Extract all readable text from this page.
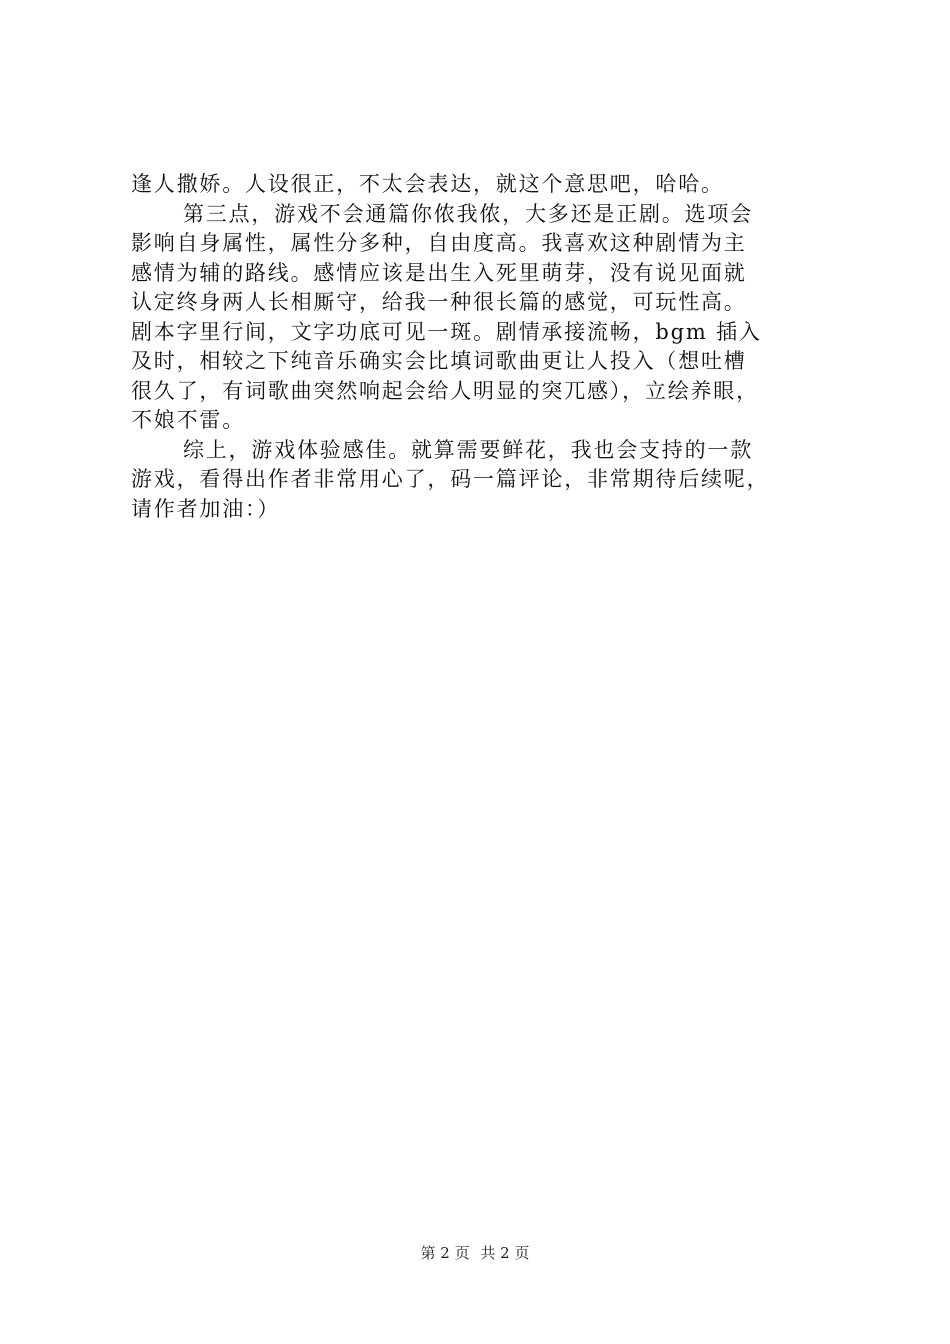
逢人撒娇。人设很正，不太会表达，就这个意思吧，哈哈。
第三点，游戏不会通篇你侬我侬，大多还是正剧。选项会
影响自身属性，属性分多种，自由度高。我喜欢这种剧情为主
感情为辅的路线。感情应该是出生入死里萌芽，没有说见面就
认定终身两人长相厮守，给我一种很长篇的感觉，可玩性高。
剧本字里行间，文字功底可见一斑。剧情承接流畅，bgm 插入
及时，相较之下纯音乐确实会比填词歌曲更让人投入（想吐槽
很久了，有词歌曲突然响起会给人明显的突兀感），立绘养眼，
不娘不雷。
综上，游戏体验感佳。就算需要鲜花，我也会支持的一款
游戏，看得出作者非常用心了，码一篇评论，非常期待后续呢，
请作者加油：）
第 2 页 共 2 页
